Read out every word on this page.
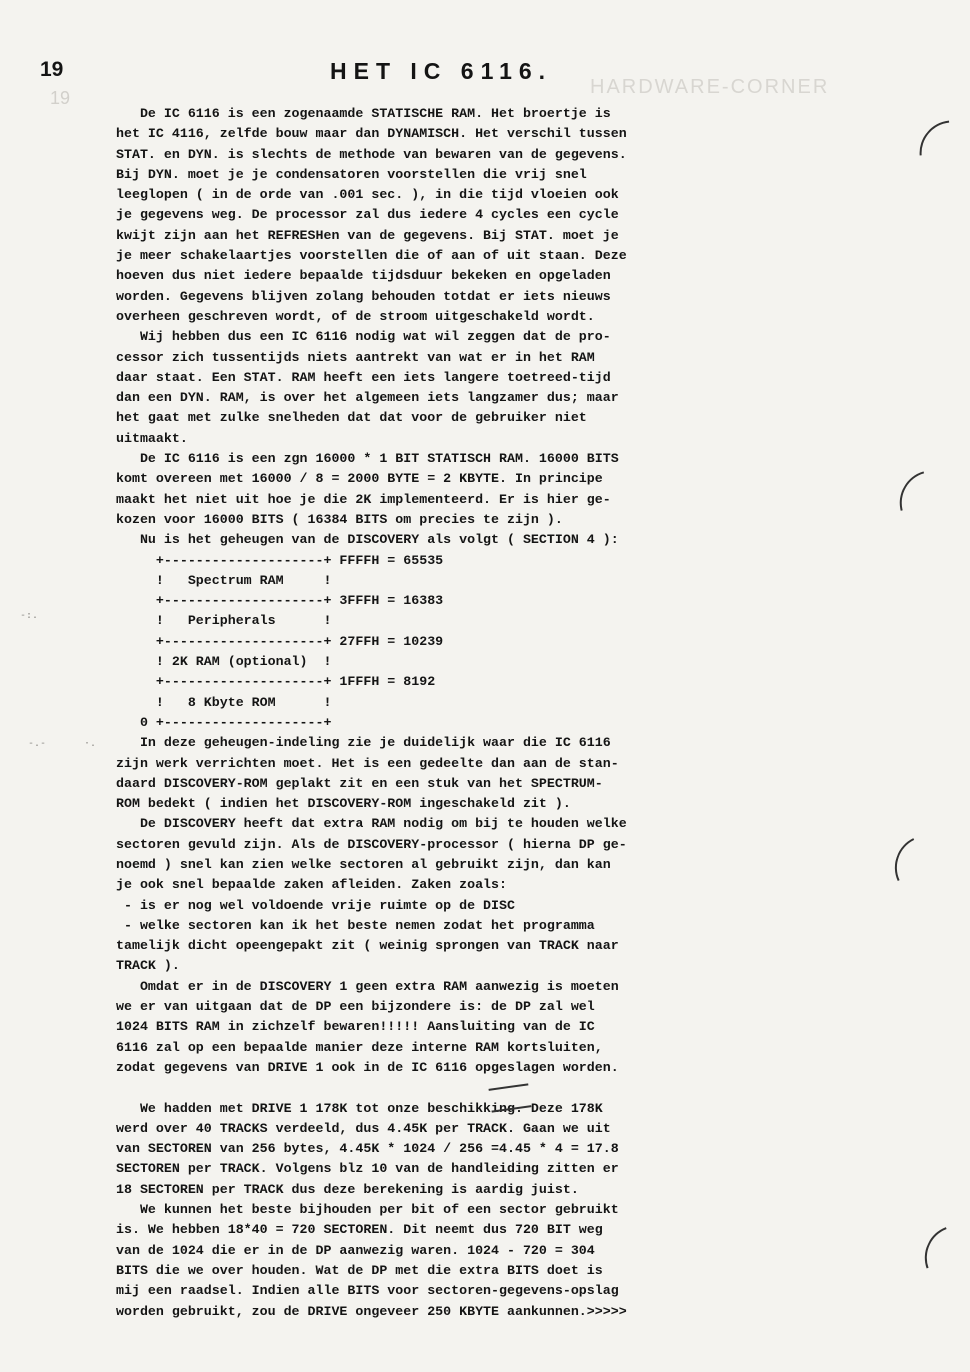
19	HARDWARE-CORNER
19	HET IC 6116.
De IC 6116 is een zogenaamde STATISCHE RAM. Het broertje is
het IC 4116, zelfde bouw maar dan DYNAMISCH. Het verschil tussen
STAT. en DYN. is slechts de methode van bewaren van de gegevens.
Bij DYN. moet je je condensatoren voorstellen die vrij snel
leeglopen ( in de orde van .001 sec. ), in die tijd vloeien ook
je gegevens weg. De processor zal dus iedere 4 cycles een cycle
kwijt zijn aan het REFRESHen van de gegevens. Bij STAT. moet je
je meer schakelaartjes voorstellen die of aan of uit staan. Deze
hoeven dus niet iedere bepaalde tijdsduur bekeken en opgeladen
worden. Gegevens blijven zolang behouden totdat er iets nieuws
overheen geschreven wordt, of de stroom uitgeschakeld wordt.
Wij hebben dus een IC 6116 nodig wat wil zeggen dat de pro-
cessor zich tussentijds niets aantrekt van wat er in het RAM
daar staat. Een STAT. RAM heeft een iets langere toetreed-tijd
dan een DYN. RAM, is over het algemeen iets langzamer dus; maar
het gaat met zulke snelheden dat dat voor de gebruiker niet
uitmaakt.
De IC 6116 is een zgn 16000 * 1 BIT STATISCH RAM. 16000 BITS
komt overeen met 16000 / 8 = 2000 BYTE = 2 KBYTE. In principe
maakt het niet uit hoe je die 2K implementeerd. Er is hier ge-
kozen voor 16000 BITS ( 16384 BITS om precies te zijn ).
Nu is het geheugen van de DISCOVERY als volgt ( SECTION 4 ):
+--------------------+ FFFFH = 65535
!   Spectrum RAM     !
+--------------------+ 3FFFH = 16383
!   Peripherals      !
+--------------------+ 27FFH = 10239
! 2K RAM (optional)  !
+--------------------+ 1FFFH = 8192
!   8 Kbyte ROM      !
0 +--------------------+
In deze geheugen-indeling zie je duidelijk waar die IC 6116
zijn werk verrichten moet. Het is een gedeelte dan aan de stan-
daard DISCOVERY-ROM geplakt zit en een stuk van het SPECTRUM-
ROM bedekt ( indien het DISCOVERY-ROM ingeschakeld zit ).
De DISCOVERY heeft dat extra RAM nodig om bij te houden welke
sectoren gevuld zijn. Als de DISCOVERY-processor ( hierna DP ge-
noemd ) snel kan zien welke sectoren al gebruikt zijn, dan kan
je ook snel bepaalde zaken afleiden. Zaken zoals:
- is er nog wel voldoende vrije ruimte op de DISC
- welke sectoren kan ik het beste nemen zodat het programma
tamelijk dicht opeengepakt zit ( weinig sprongen van TRACK naar
TRACK ).
Omdat er in de DISCOVERY 1 geen extra RAM aanwezig is moeten
we er van uitgaan dat de DP een bijzondere is: de DP zal wel
1024 BITS RAM in zichzelf bewaren!!!!! Aansluiting van de IC
6116 zal op een bepaalde manier deze interne RAM kortsluiten,
zodat gegevens van DRIVE 1 ook in de IC 6116 opgeslagen worden.

We hadden met DRIVE 1 178K tot onze beschikking. Deze 178K
werd over 40 TRACKS verdeeld, dus 4.45K per TRACK. Gaan we uit
van SECTOREN van 256 bytes, 4.45K * 1024 / 256 =4.45 * 4 = 17.8
SECTOREN per TRACK. Volgens blz 10 van de handleiding zitten er
18 SECTOREN per TRACK dus deze berekening is aardig juist.
We kunnen het beste bijhouden per bit of een sector gebruikt
is. We hebben 18*40 = 720 SECTOREN. Dit neemt dus 720 BIT weg
van de 1024 die er in de DP aanwezig waren. 1024 - 720 = 304
BITS die we over houden. Wat de DP met die extra BITS doet is
mij een raadsel. Indien alle BITS voor sectoren-gegevens-opslag
worden gebruikt, zou de DRIVE ongeveer 250 KBYTE aankunnen.>>>>>
-:.
-.-	·.
